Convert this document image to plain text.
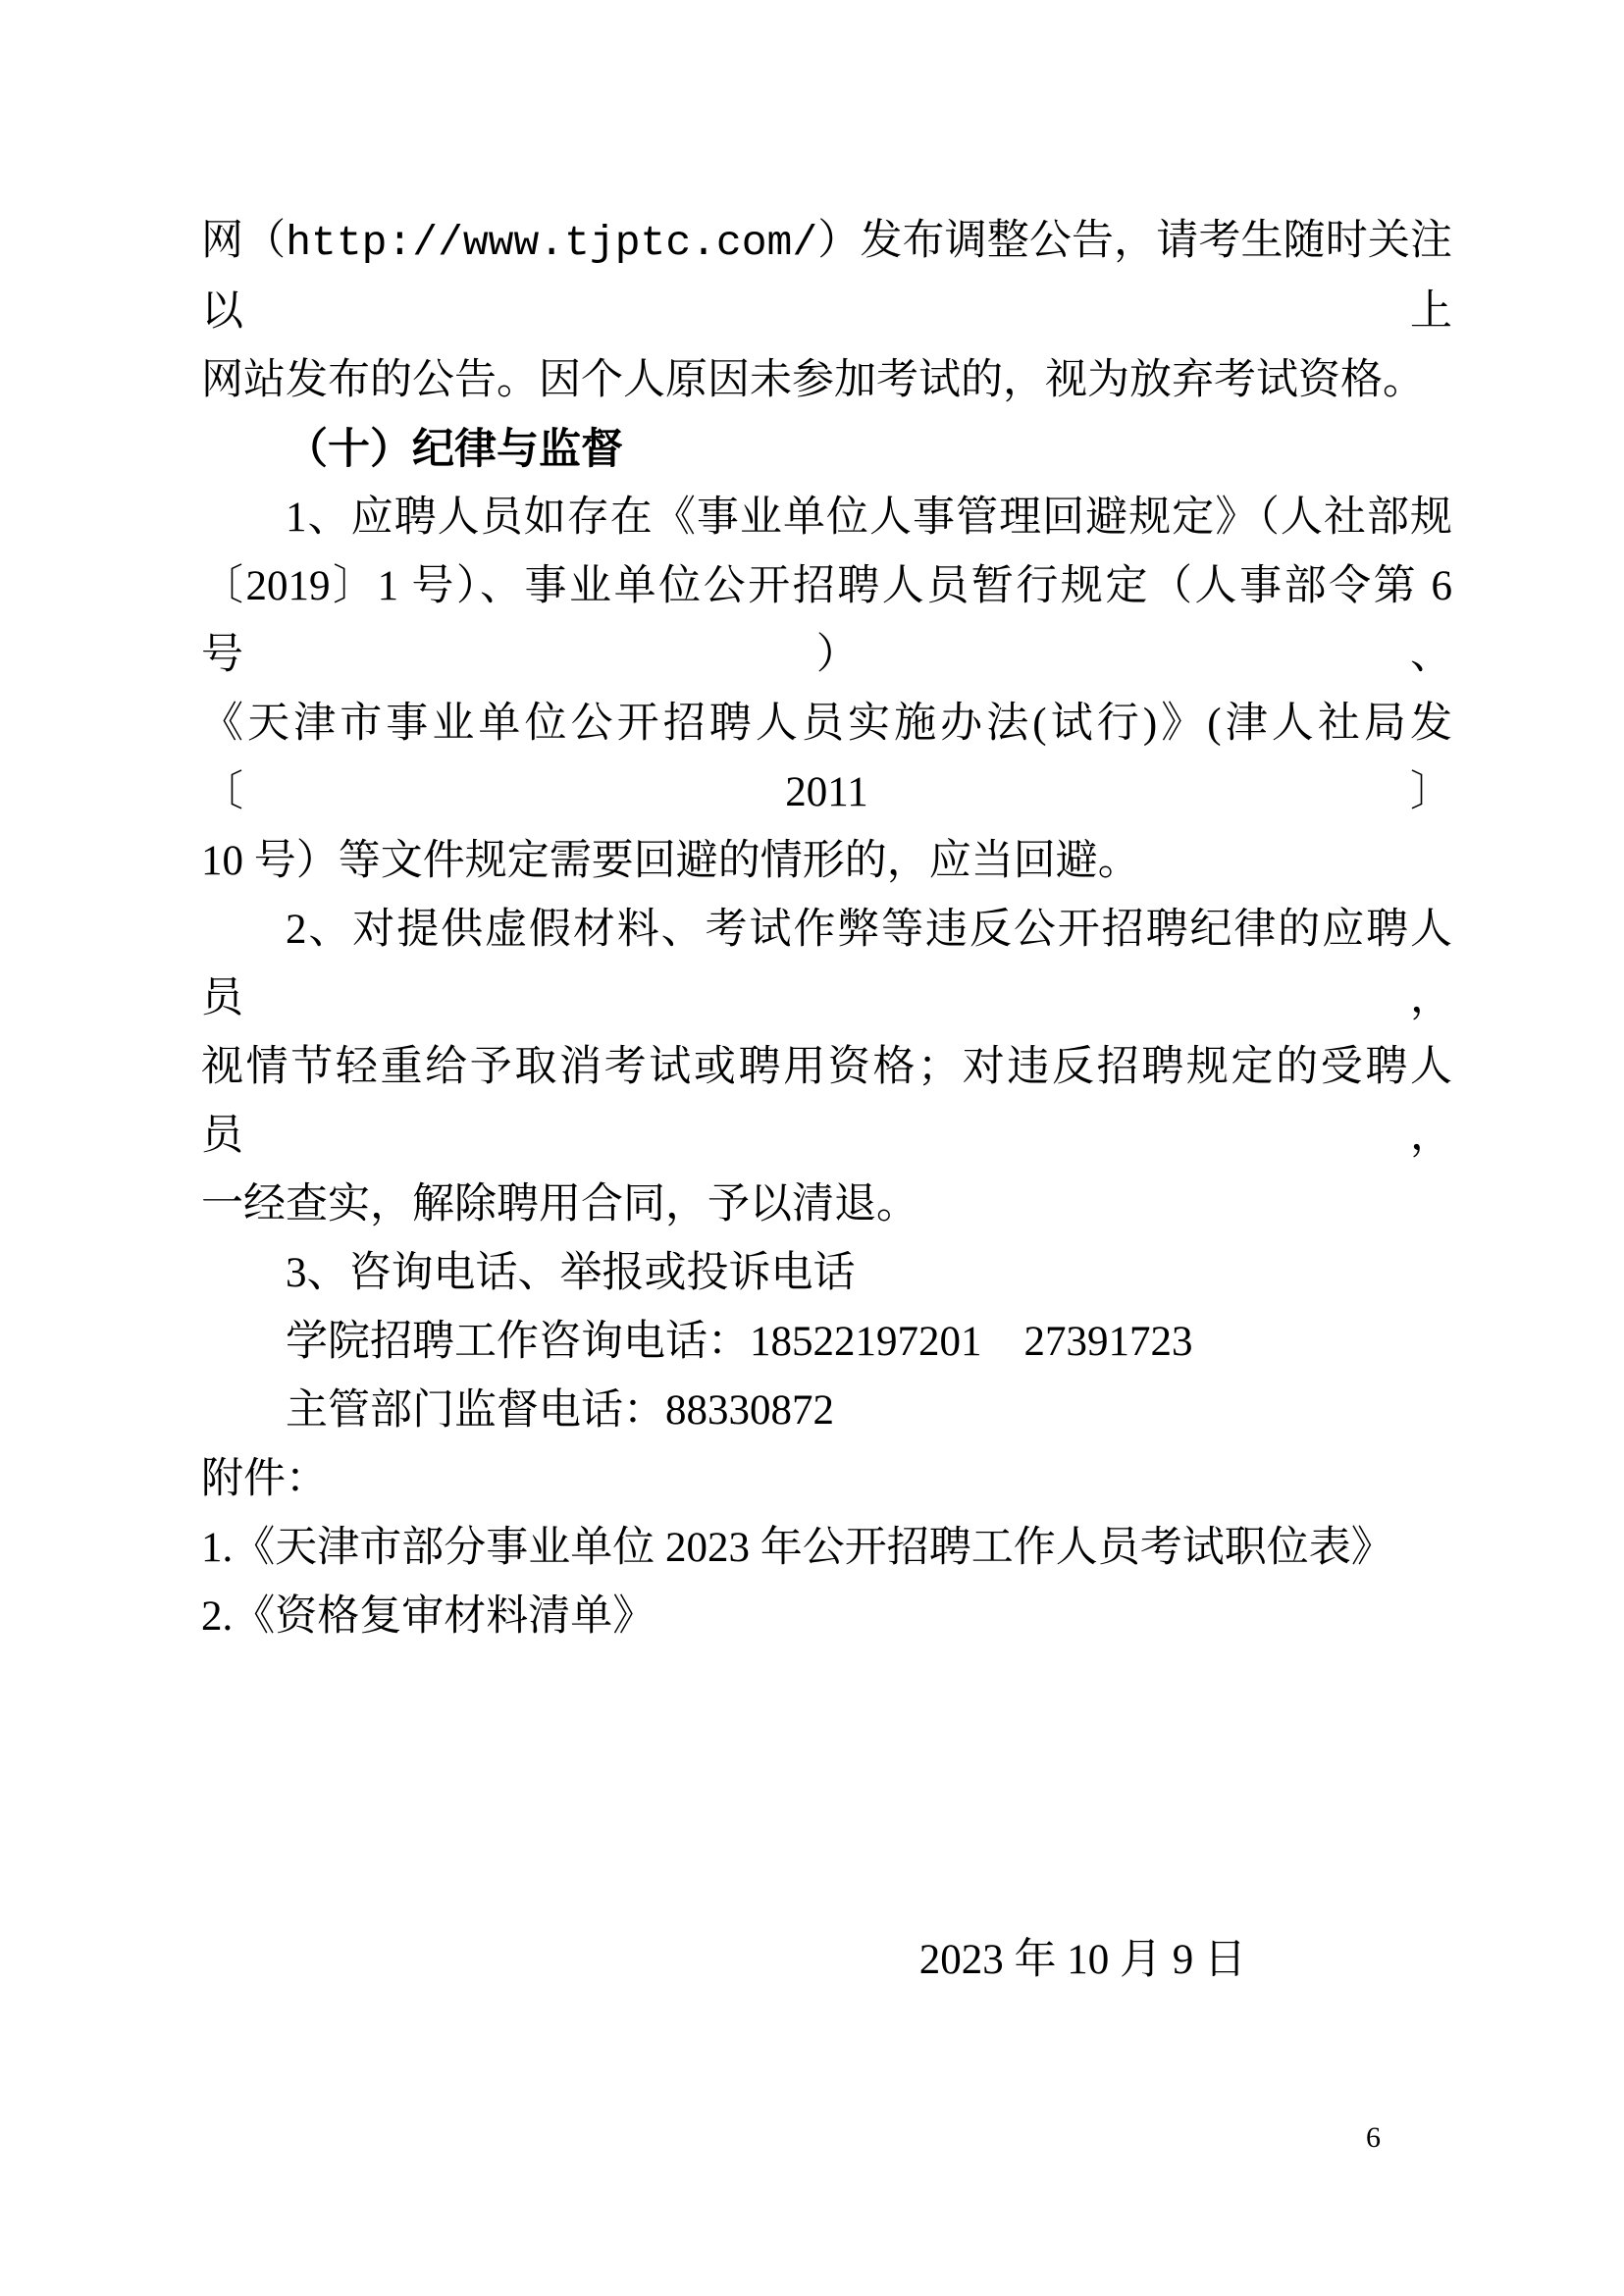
网（http://www.tjptc.com/）发布调整公告，请考生随时关注以上
网站发布的公告。因个人原因未参加考试的，视为放弃考试资格。
（十）纪律与监督
1、应聘人员如存在《事业单位人事管理回避规定》（人社部规
〔2019〕1 号）、事业单位公开招聘人员暂行规定（人事部令第 6 号）、
《天津市事业单位公开招聘人员实施办法(试行)》(津人社局发〔2011〕
10 号）等文件规定需要回避的情形的，应当回避。
2、对提供虚假材料、考试作弊等违反公开招聘纪律的应聘人员，
视情节轻重给予取消考试或聘用资格；对违反招聘规定的受聘人员，
一经查实，解除聘用合同，予以清退。
3、咨询电话、举报或投诉电话
学院招聘工作咨询电话：18522197201　27391723
主管部门监督电话：88330872
附件：
1.《天津市部分事业单位 2023 年公开招聘工作人员考试职位表》
2.《资格复审材料清单》
2023 年 10 月 9 日
6
